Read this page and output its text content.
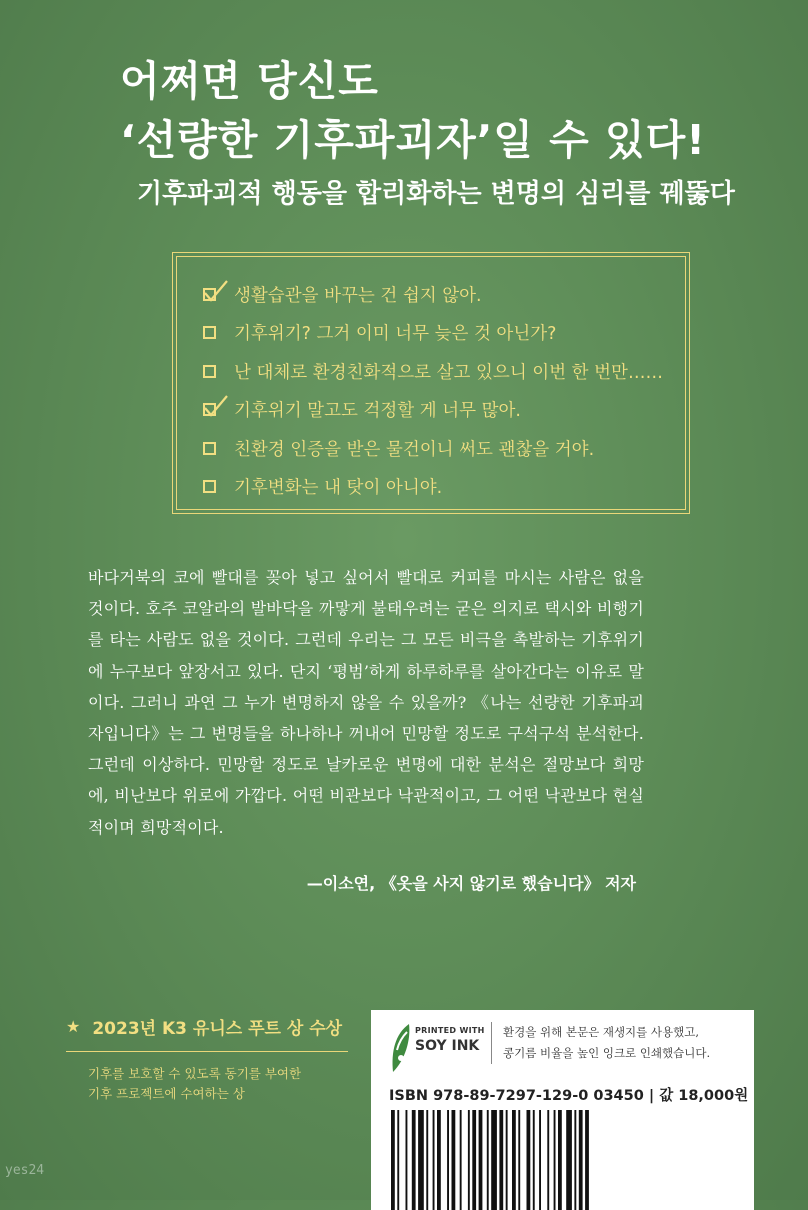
어쩌면 당신도
‘선량한 기후파괴자’일 수 있다!
기후파괴적 행동을 합리화하는 변명의 심리를 꿰뚫다
생활습관을 바꾸는 건 쉽지 않아.
기후위기? 그거 이미 너무 늦은 것 아닌가?
난 대체로 환경친화적으로 살고 있으니 이번 한 번만……
기후위기 말고도 걱정할 게 너무 많아.
친환경 인증을 받은 물건이니 써도 괜찮을 거야.
기후변화는 내 탓이 아니야.
바다거북의 코에 빨대를 꽂아 넣고 싶어서 빨대로 커피를 마시는 사람은 없을 것이다. 호주 코알라의 발바닥을 까맣게 불태우려는 굳은 의지로 택시와 비행기를 타는 사람도 없을 것이다. 그런데 우리는 그 모든 비극을 촉발하는 기후위기에 누구보다 앞장서고 있다. 단지 ‘평범’하게 하루하루를 살아간다는 이유로 말이다. 그러니 과연 그 누가 변명하지 않을 수 있을까? 《나는 선량한 기후파괴자입니다》는 그 변명들을 하나하나 꺼내어 민망할 정도로 구석구석 분석한다. 그런데 이상하다. 민망할 정도로 날카로운 변명에 대한 분석은 절망보다 희망에, 비난보다 위로에 가깝다. 어떤 비관보다 낙관적이고, 그 어떤 낙관보다 현실적이며 희망적이다.
—이소연, 《옷을 사지 않기로 했습니다》 저자
★ 2023년 K3 유니스 푸트 상 수상
기후를 보호할 수 있도록 동기를 부여한
기후 프로젝트에 수여하는 상
PRINTED WITH
SOY INK
환경을 위해 본문은 재생지를 사용했고,
콩기름 비율을 높인 잉크로 인쇄했습니다.
ISBN 978-89-7297-129-0 03450 | 값 18,000원
yes24
